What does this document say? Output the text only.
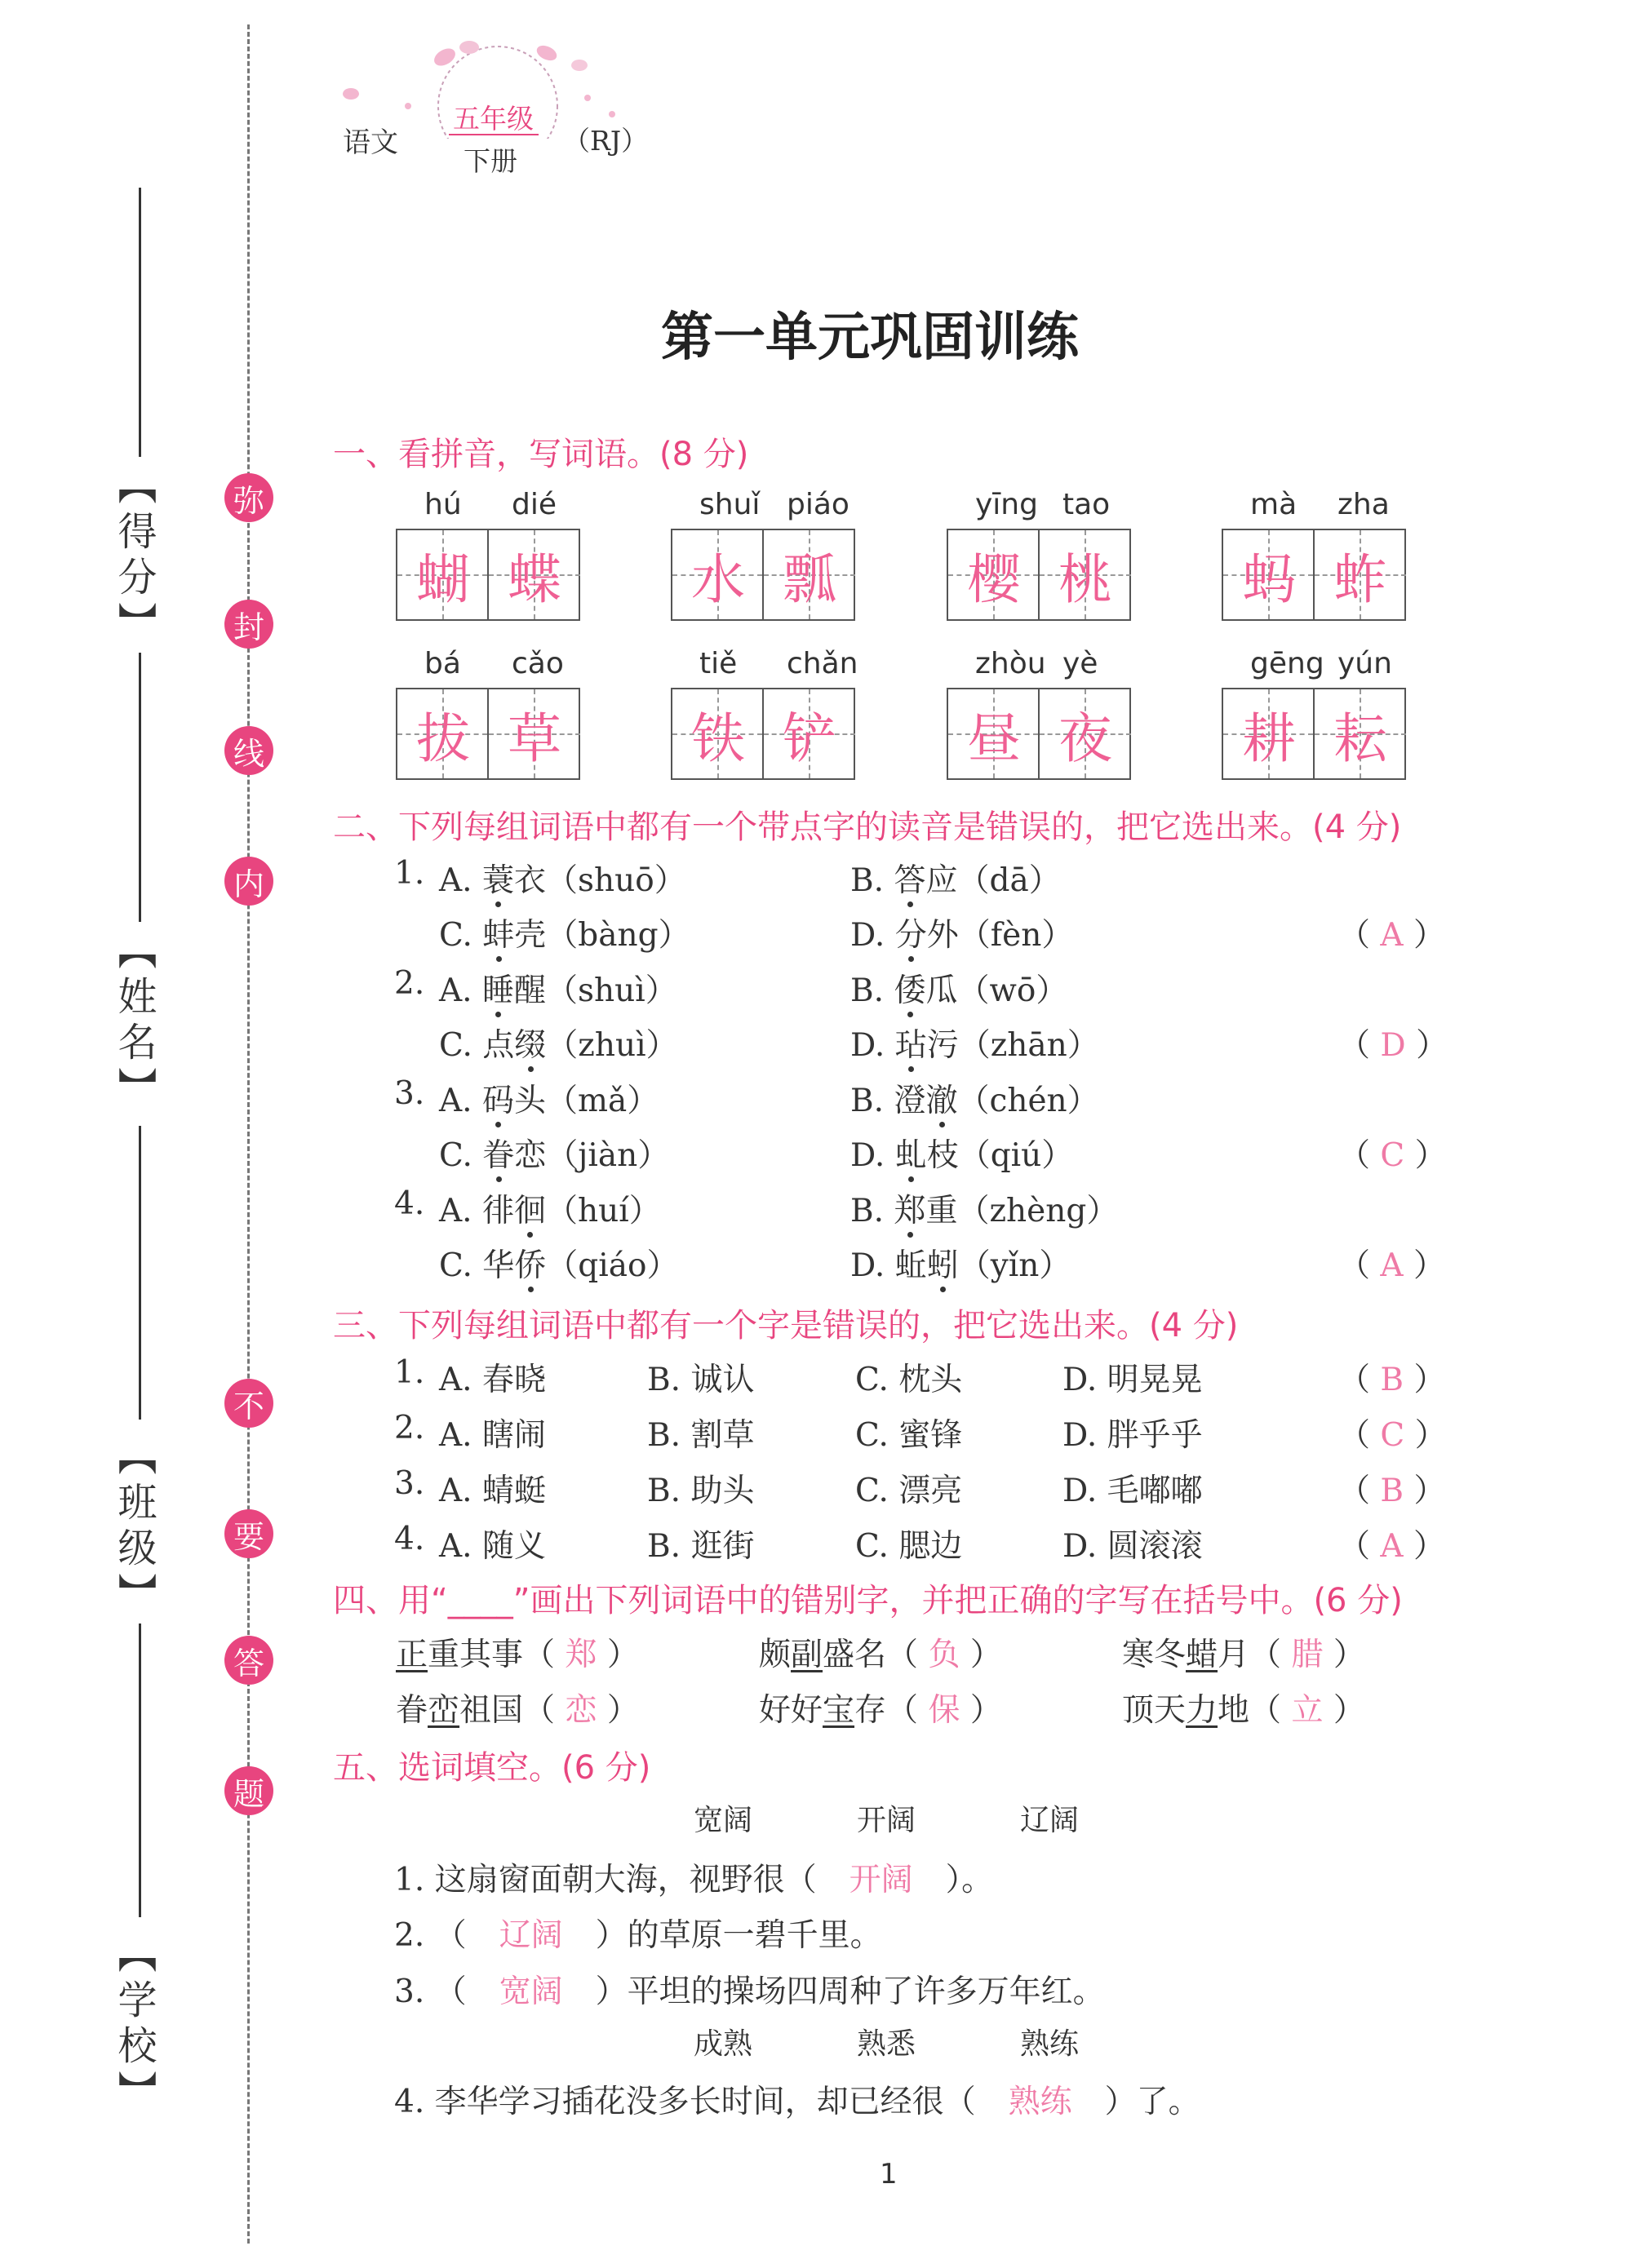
【得分】
【姓名】
【班级】
【学校】
弥
封
线
内
不
要
答
题
语文
五年级
下册
（RJ）
第一单元巩固训练
一、看拼音，写词语。(8 分)
hú dié
蝴 蝶
shuǐ piáo
水 瓢
yīng tao
樱 桃
mà zha
蚂 蚱
bá cǎo
拔 草
tiě chǎn
铁 铲
zhòu yè
昼 夜
gēng yún
耕 耘
二、下列每组词语中都有一个带点字的读音是错误的，把它选出来。(4 分)
1. A. 蓑衣（shuō）	B. 答应（dā）
C. 蚌壳（bàng）	D. 分外（fèn）	（ A ）
2. A. 睡醒（shuì）	B. 倭瓜（wō）
C. 点缀（zhuì）	D. 玷污（zhān）	（ D ）
3. A. 码头（mǎ）	B. 澄澈（chén）
C. 眷恋（jiàn）	D. 虬枝（qiú）	（ C ）
4. A. 徘徊（huí）	B. 郑重（zhèng）
C. 华侨（qiáo）	D. 蚯蚓（yǐn）	（ A ）
三、下列每组词语中都有一个字是错误的，把它选出来。(4 分)
1. A. 春晓	B. 诚认	C. 枕头	D. 明晃晃	（ B ）
2. A. 瞎闹	B. 割草	C. 蜜锋	D. 胖乎乎	（ C ）
3. A. 蜻蜓	B. 助头	C. 漂亮	D. 毛嘟嘟	（ B ）
4. A. 随义	B. 逛街	C. 腮边	D. 圆滚滚	（ A ）
四、用“____”画出下列词语中的错别字，并把正确的字写在括号中。(6 分)
正重其事（ 郑 ）	颇副盛名（ 负 ）	寒冬蜡月（ 腊 ）
眷峦祖国（ 恋 ）	好好宝存（ 保 ）	顶天力地（ 立 ）
五、选词填空。(6 分)
宽阔	开阔	辽阔
1. 这扇窗面朝大海，视野很（ 开阔 ）。
2. （ 辽阔 ）的草原一碧千里。
3. （ 宽阔 ）平坦的操场四周种了许多万年红。
4. 李华学习插花没多长时间，却已经很（ 熟练 ）了。
成熟	熟悉	熟练
1
